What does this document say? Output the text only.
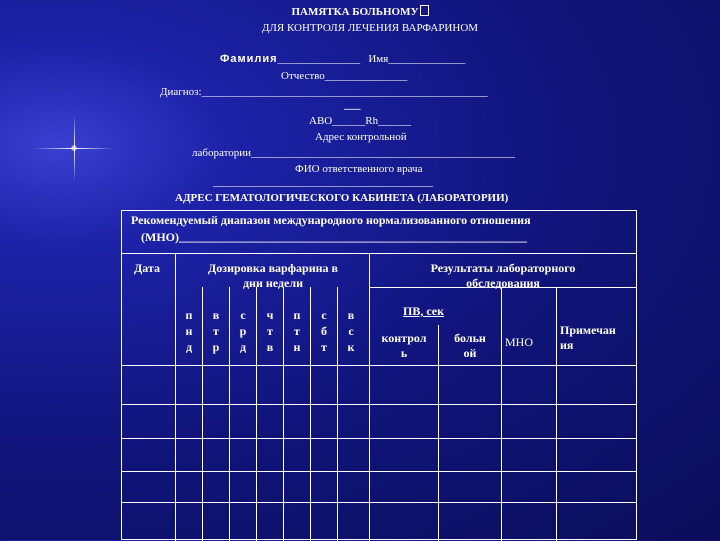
ПАМЯТКА БОЛЬНОМУ
ДЛЯ КОНТРОЛЯ ЛЕЧЕНИЯ ВАРФАРИНОМ
Фамилия_______________ Имя______________
Отчество_______________
Диагноз:____________________________________________________
___
АВО______Rh______
Адрес контрольной
лаборатории________________________________________________
ФИО ответственного врача
________________________________________
АДРЕС ГЕМАТОЛОГИЧЕСКОГО КАБИНЕТА (ЛАБОРАТОРИИ)
Рекомендуемый диапазон международного нормализованного отношения
(МНО)__________________________________________________________
Дата	Дозировка варфарина в
дни недели
Результаты лабораторного
обследования
п
н
д
в
т
р
с
р
д
ч
т
в
п
т
н
с
б
т
в
с
к
ПВ, сек
контрол
ь
больн
ой
МНО
Примечан
ия
